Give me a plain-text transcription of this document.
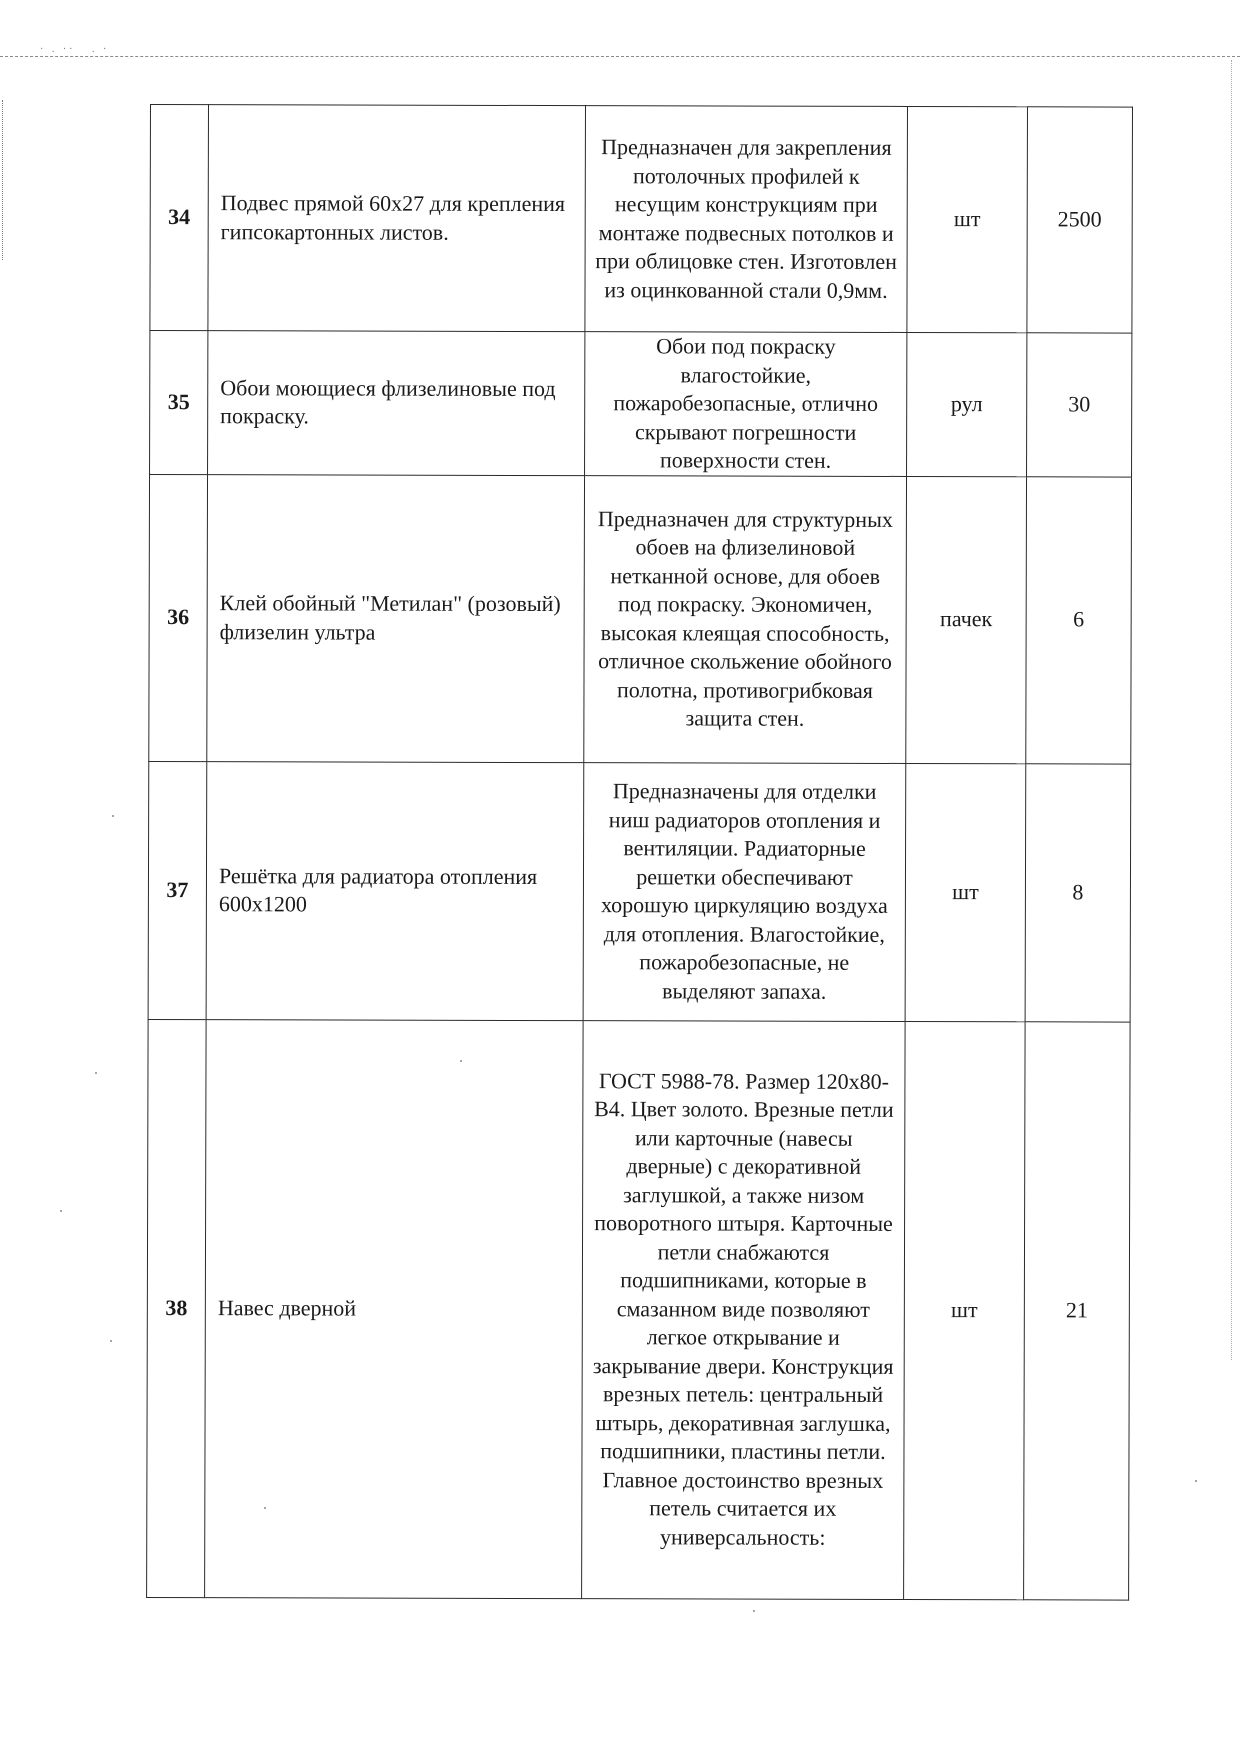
· . ··   . ·
34	Подвес прямой 60х27 для крепления гипсокартонных листов.	Предназначен для закрепления потолочных профилей к несущим конструкциям при монтаже подвесных потолков и при облицовке стен. Изготовлен из оцинкованной стали 0,9мм.	шт	2500
35	Обои моющиеся флизелиновые под покраску.	Обои под покраску влагостойкие, пожаробезопасные, отлично скрывают погрешности поверхности стен.	рул	30
36	Клей обойный "Метилан" (розовый) флизелин ультра	Предназначен для структурных обоев на флизелиновой нетканной основе, для обоев под покраску. Экономичен, высокая клеящая способность, отличное скольжение обойного полотна, противогрибковая защита стен.	пачек	6
37	Решётка для радиатора отопления 600х1200	Предназначены для отделки ниш радиаторов отопления и вентиляции. Радиаторные решетки обеспечивают хорошую циркуляцию воздуха для отопления. Влагостойкие, пожаробезопасные, не выделяют запаха.	шт	8
38	Навес дверной	ГОСТ 5988-78. Размер 120х80-В4. Цвет золото. Врезные петли или карточные (навесы дверные) с декоративной заглушкой, а также низом поворотного штыря. Карточные петли снабжаются подшипниками, которые в смазанном виде позволяют легкое открывание и закрывание двери. Конструкция врезных петель: центральный штырь, декоративная заглушка, подшипники, пластины петли. Главное достоинство врезных петель считается их универсальность:	шт	21
